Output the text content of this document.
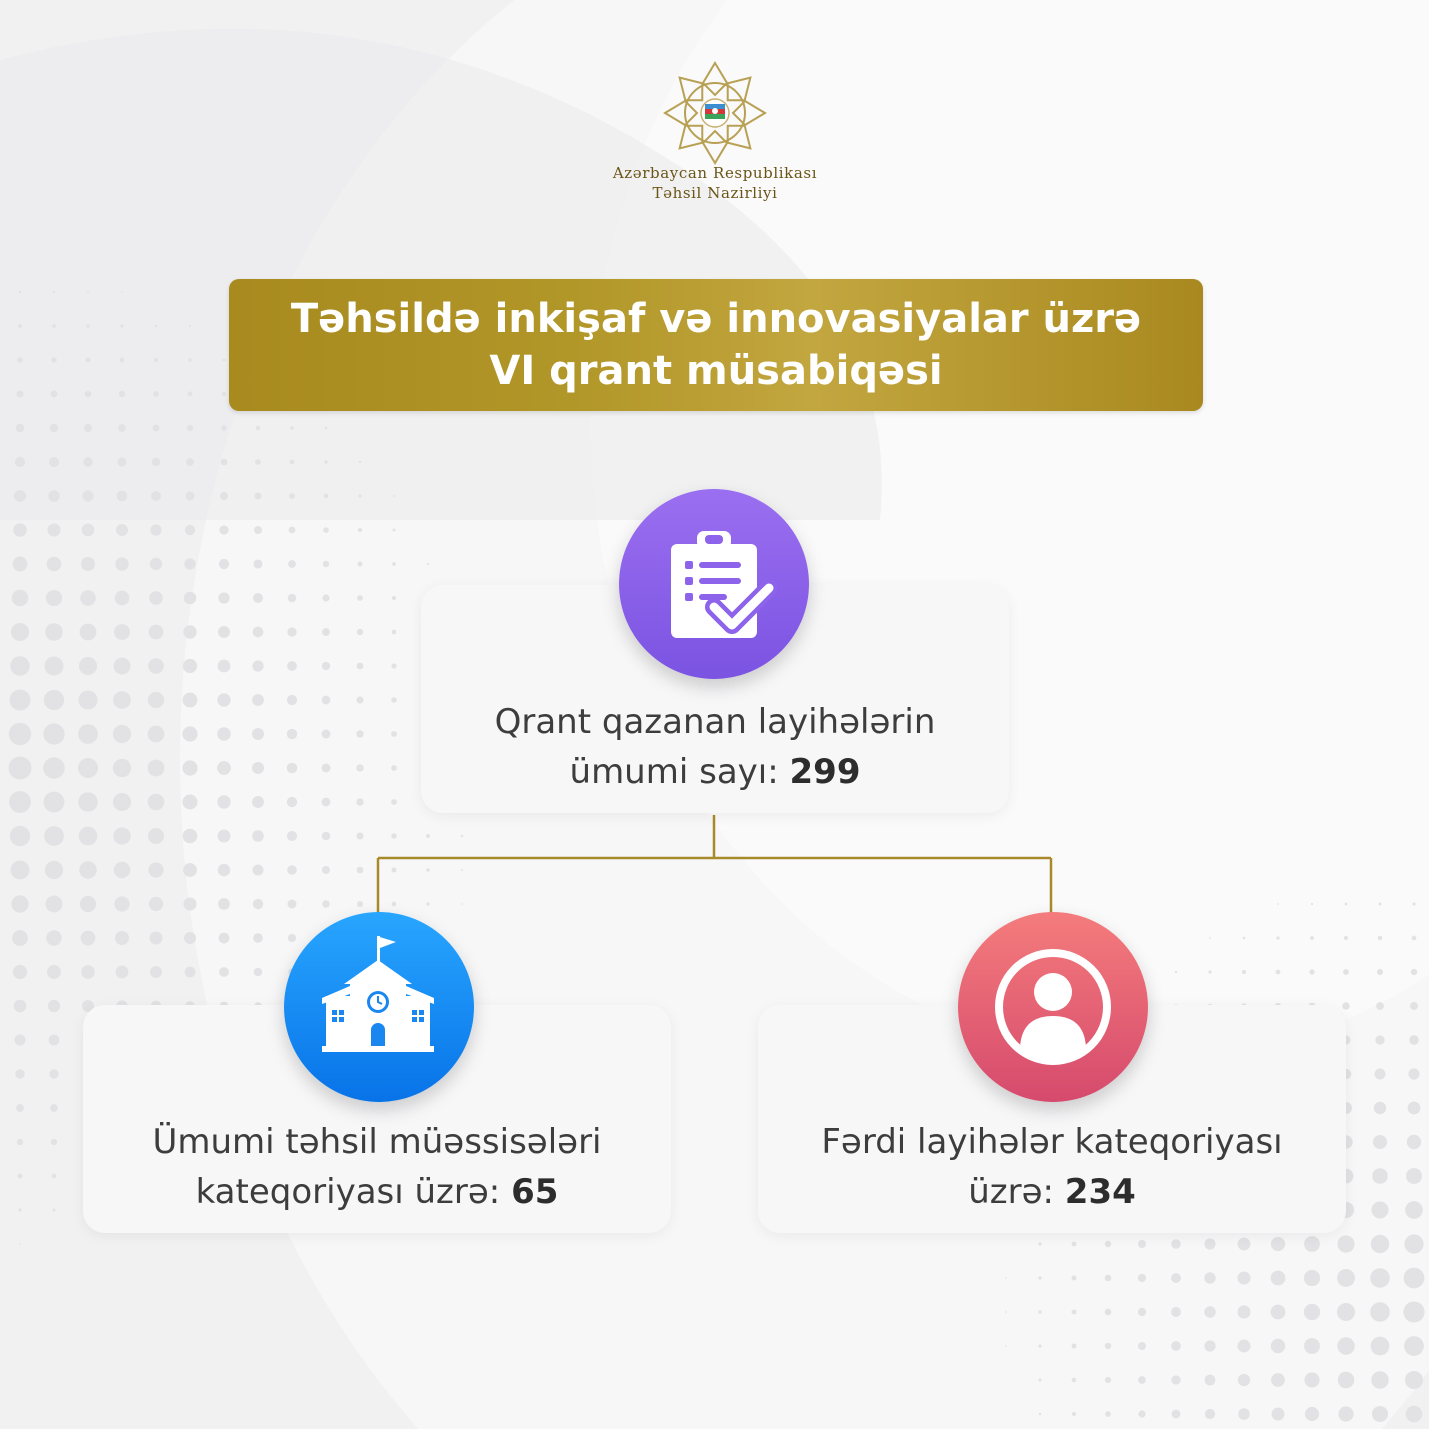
Azərbaycan Respublikası
Təhsil Nazirliyi
Təhsildə inkişaf və innovasiyalar üzrə
VI qrant müsabiqəsi
Qrant qazanan layihələrin
ümumi sayı: 299
Ümumi təhsil müəssisələri
kateqoriyası üzrə: 65
Fərdi layihələr kateqoriyası
üzrə: 234
